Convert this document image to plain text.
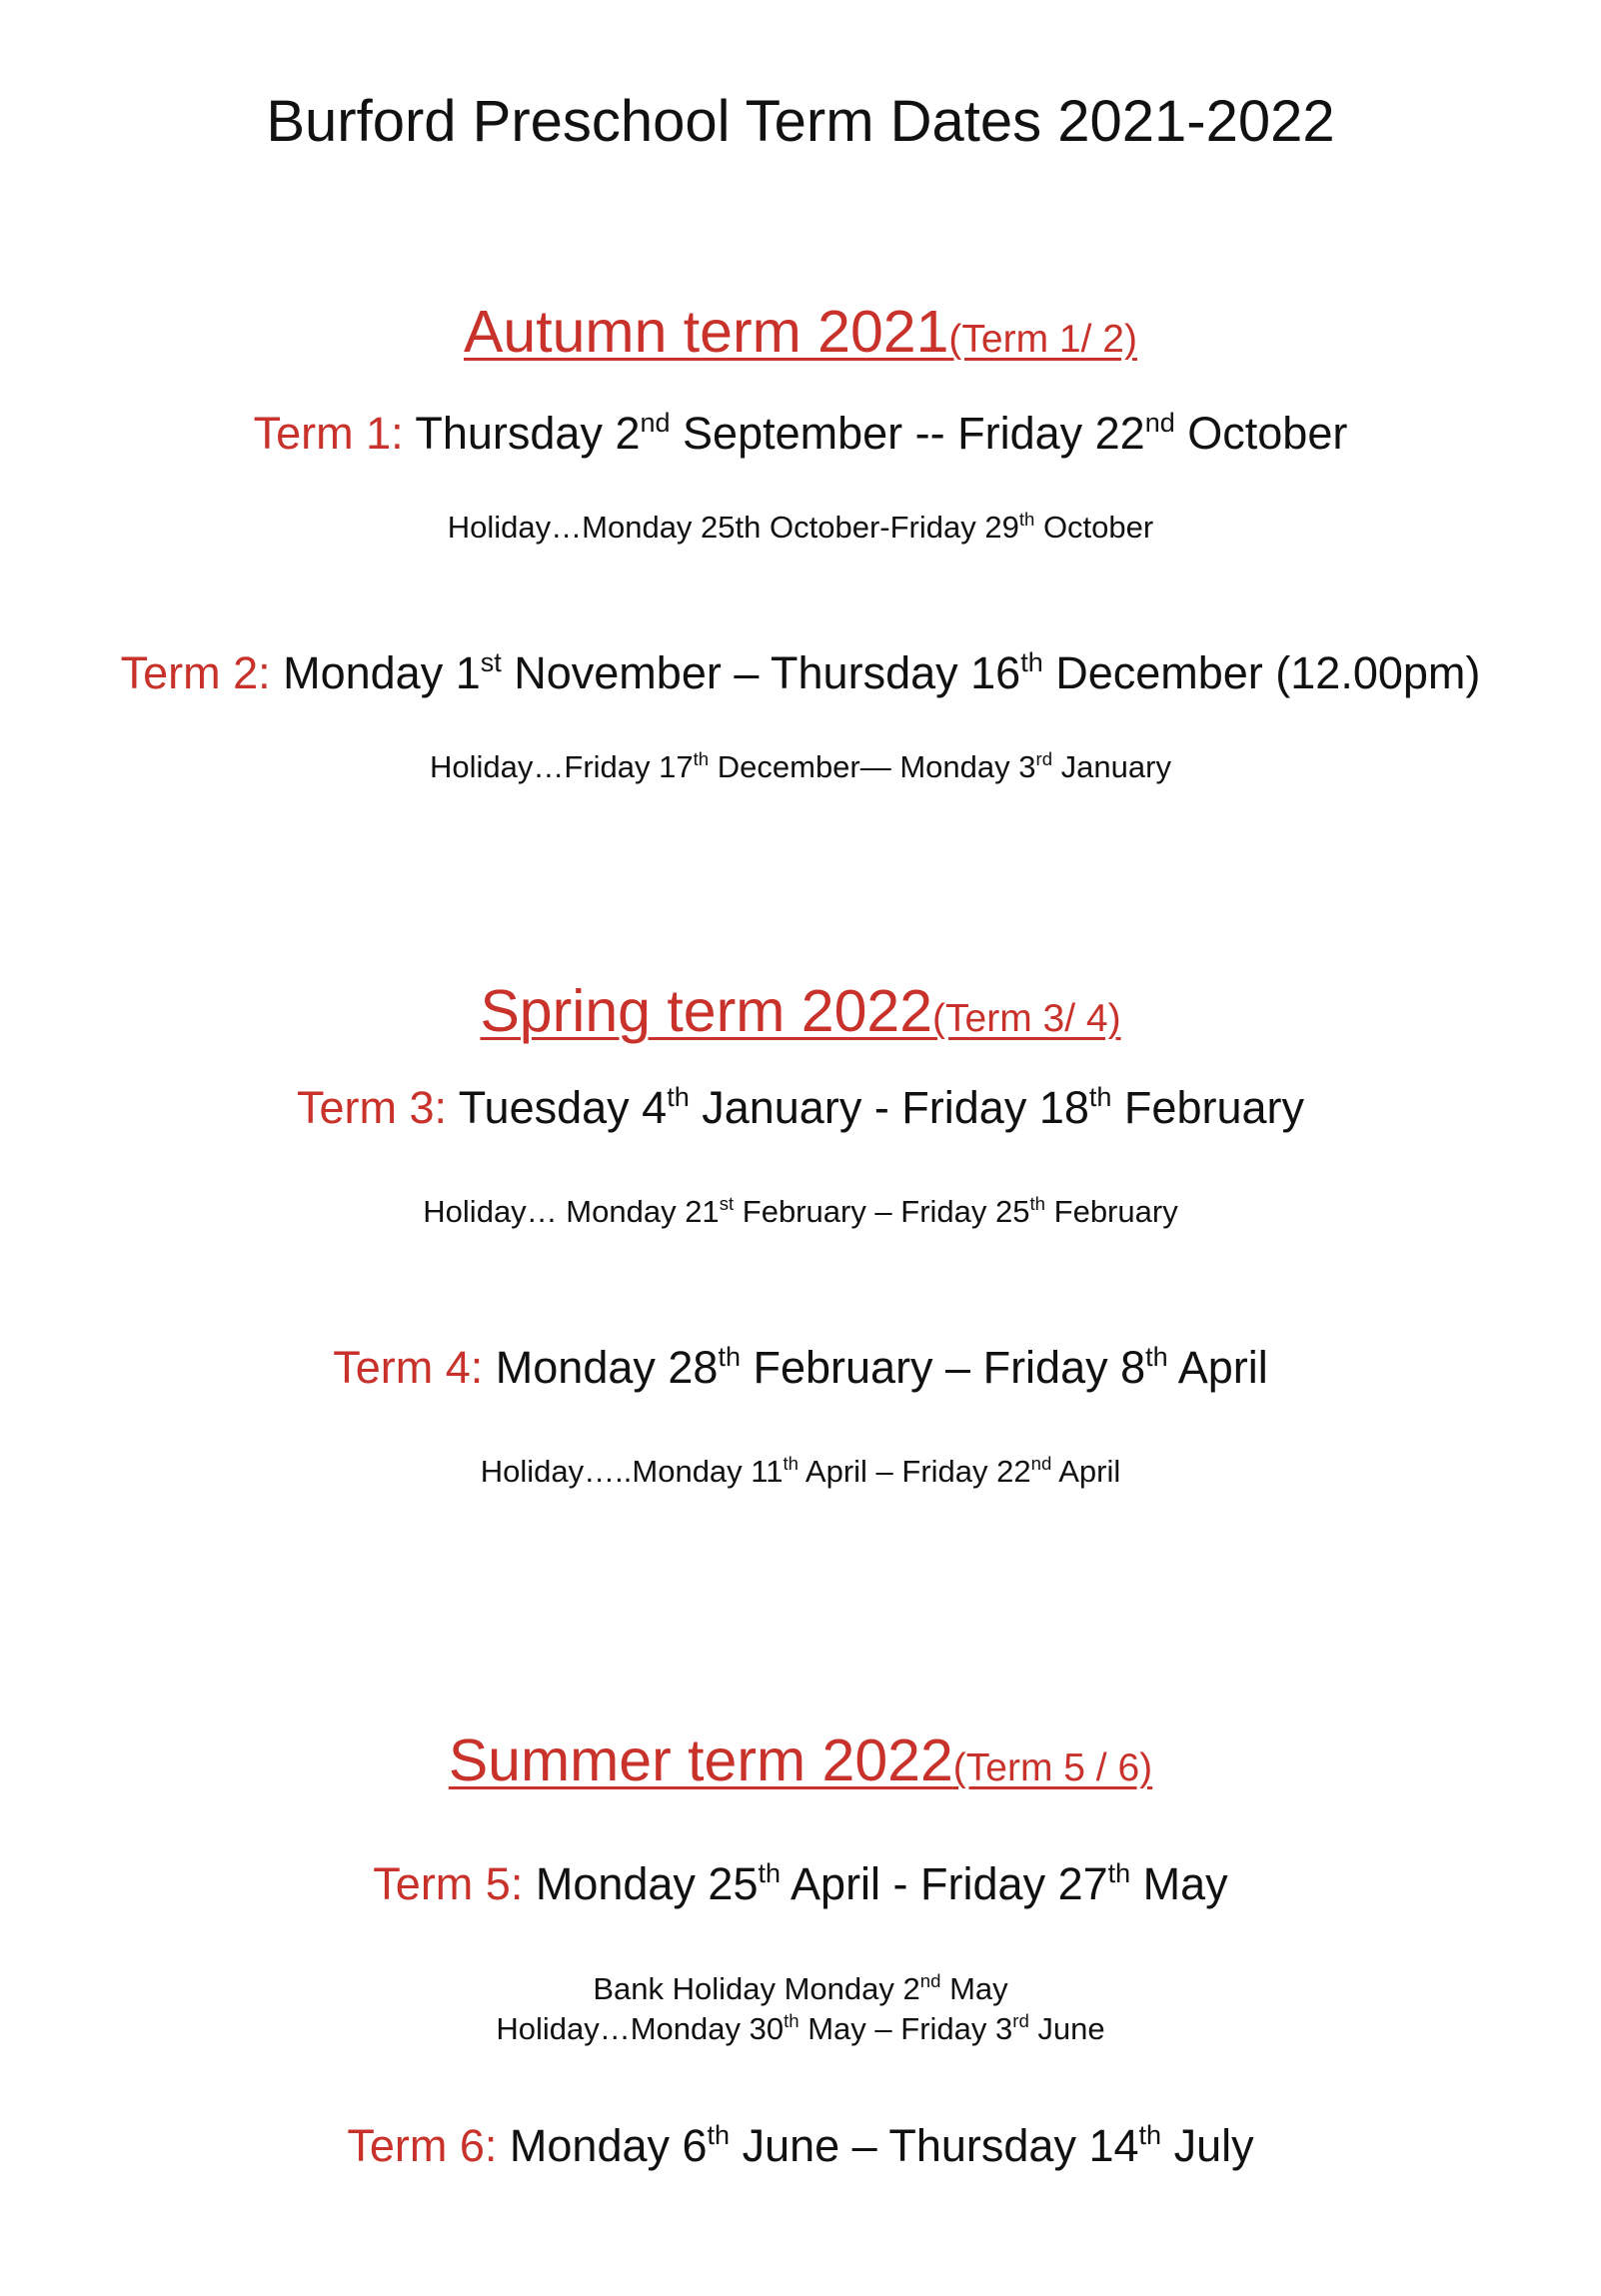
Burford Preschool Term Dates 2021-2022
Autumn term 2021(Term 1/ 2)
Term 1: Thursday 2nd September -- Friday 22nd October
Holiday…Monday 25th October-Friday 29th October
Term 2: Monday 1st November – Thursday 16th December (12.00pm)
Holiday…Friday 17th December— Monday 3rd January
Spring term 2022(Term 3/ 4)
Term 3: Tuesday 4th January - Friday 18th February
Holiday… Monday 21st February – Friday 25th February
Term 4: Monday 28th February – Friday 8th April
Holiday…..Monday 11th April – Friday 22nd April
Summer term 2022(Term 5 / 6)
Term 5: Monday 25th April - Friday 27th May
Bank Holiday Monday 2nd May
Holiday…Monday 30th May – Friday 3rd June
Term 6: Monday 6th June – Thursday 14th July
